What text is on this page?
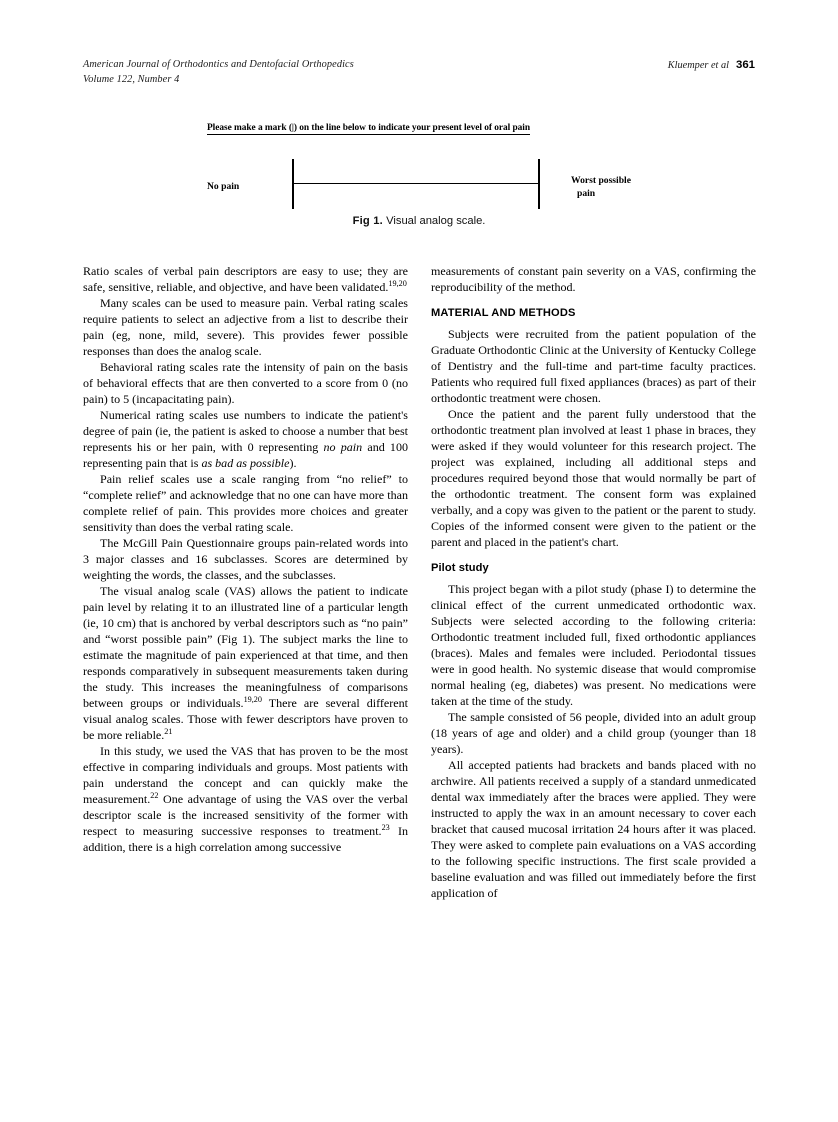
American Journal of Orthodontics and Dentofacial Orthopedics
Volume 122, Number 4
Kluemper et al 361
Please make a mark (|) on the line below to indicate your present level of oral pain
No pain
Worst possible
pain
Fig 1. Visual analog scale.

Ratio scales of verbal pain descriptors are easy to use; they are safe, sensitive, reliable, and objective, and have been validated.$^{19,20}$

Many scales can be used to measure pain. Verbal rating scales require patients to select an adjective from a list to describe their pain (eg, none, mild, severe). This provides fewer possible responses than does the analog scale.

Behavioral rating scales rate the intensity of pain on the basis of behavioral effects that are then converted to a score from 0 (no pain) to 5 (incapacitating pain).

Numerical rating scales use numbers to indicate the patient's degree of pain (ie, the patient is asked to choose a number that best represents his or her pain, with 0 representing no pain and 100 representing pain that is as bad as possible).

Pain relief scales use a scale ranging from “no relief” to “complete relief” and acknowledge that no one can have more than complete relief of pain. This provides more choices and greater sensitivity than does the verbal rating scale.

The McGill Pain Questionnaire groups pain-related words into 3 major classes and 16 subclasses. Scores are determined by weighting the words, the classes, and the subclasses.

The visual analog scale (VAS) allows the patient to indicate pain level by relating it to an illustrated line of a particular length (ie, 10 cm) that is anchored by verbal descriptors such as “no pain” and “worst possible pain” (Fig 1). The subject marks the line to estimate the magnitude of pain experienced at that time, and then responds comparatively in subsequent measurements taken during the study. This increases the meaningfulness of comparisons between groups or individuals.$^{19,20}$ There are several different visual analog scales. Those with fewer descriptors have proven to be more reliable.$^{21}$

In this study, we used the VAS that has proven to be the most effective in comparing individuals and groups. Most patients with pain understand the concept and can quickly make the measurement.$^{22}$ One advantage of using the VAS over the verbal descriptor scale is the increased sensitivity of the former with respect to measuring successive responses to treatment.$^{23}$ In addition, there is a high correlation among successive

measurements of constant pain severity on a VAS, confirming the reproducibility of the method.

MATERIAL AND METHODS

Subjects were recruited from the patient population of the Graduate Orthodontic Clinic at the University of Kentucky College of Dentistry and the full-time and part-time faculty practices. Patients who required full fixed appliances (braces) as part of their orthodontic treatment were chosen.

Once the patient and the parent fully understood that the orthodontic treatment plan involved at least 1 phase in braces, they were asked if they would volunteer for this research project. The project was explained, including all additional steps and procedures required beyond those that would normally be part of the orthodontic treatment. The consent form was explained verbally, and a copy was given to the patient or the parent to study. Copies of the informed consent were given to the patient or the parent and placed in the patient's chart.

Pilot study

This project began with a pilot study (phase I) to determine the clinical effect of the current unmedicated orthodontic wax. Subjects were selected according to the following criteria: Orthodontic treatment included full, fixed orthodontic appliances (braces). Males and females were included. Periodontal tissues were in good health. No systemic disease that would compromise normal healing (eg, diabetes) was present. No medications were taken at the time of the study.

The sample consisted of 56 people, divided into an adult group (18 years of age and older) and a child group (younger than 18 years).

All accepted patients had brackets and bands placed with no archwire. All patients received a supply of a standard unmedicated dental wax immediately after the braces were applied. They were instructed to apply the wax in an amount necessary to cover each bracket that caused mucosal irritation 24 hours after it was placed. They were asked to complete pain evaluations on a VAS according to the following specific instructions. The first scale provided a baseline evaluation and was filled out immediately before the first application of
